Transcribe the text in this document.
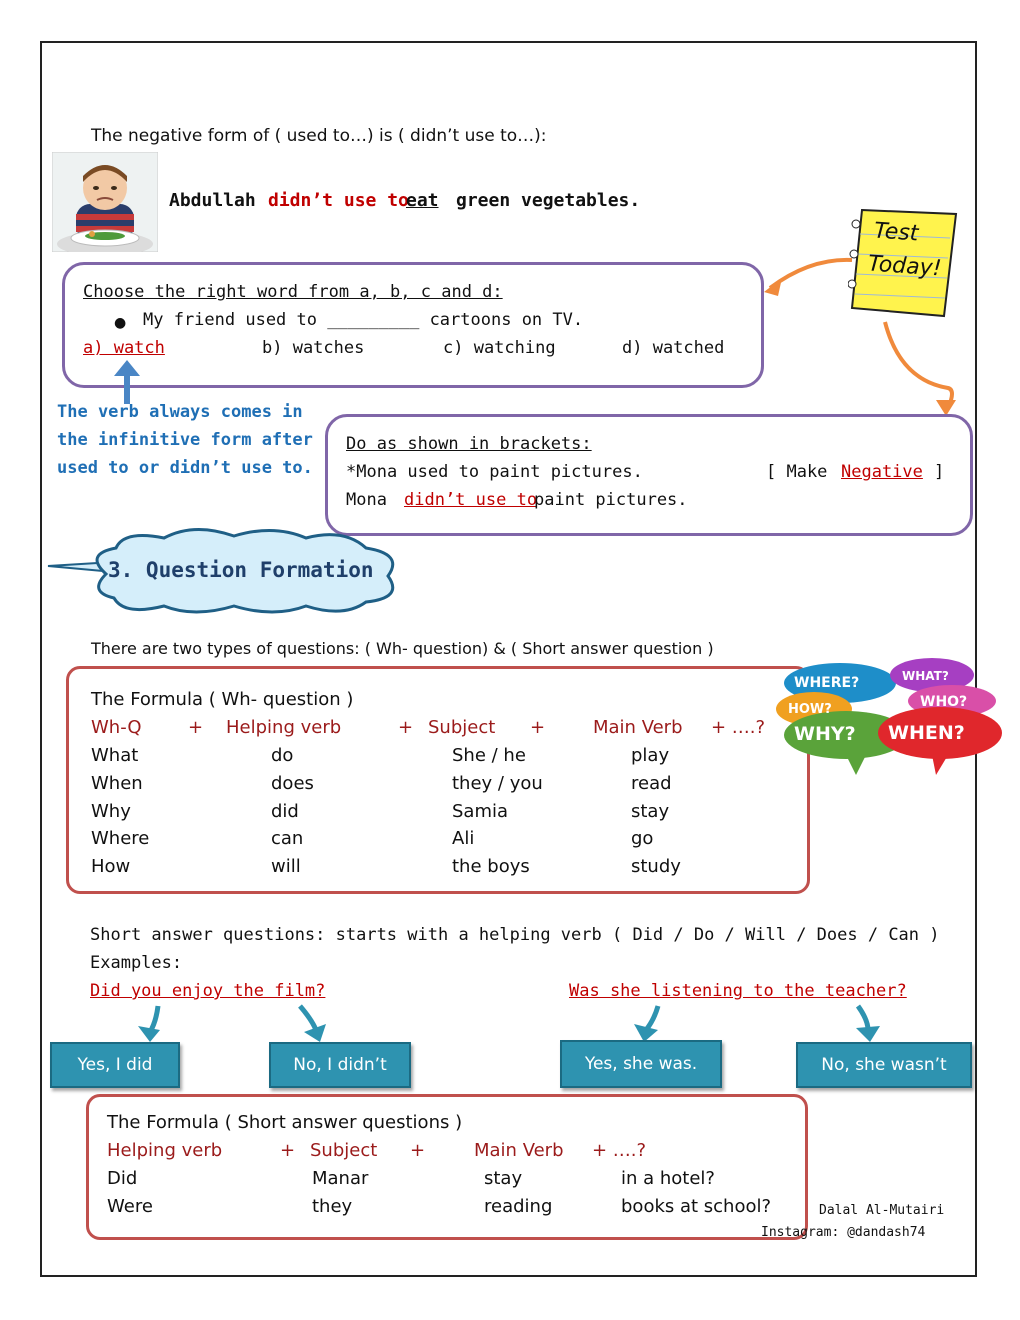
The negative form of ( used to…) is ( didn’t use to…):
Abdullah didn’t use to
eat green vegetables.
Test
Today!
Choose the right word from a, b, c and d:
● My friend used to _________ cartoons on TV.
a) watch	b) watches	c) watching	d) watched
The verb always comes in
the infinitive form after
used to or didn’t use to.
Do as shown in brackets:
*Mona used to paint pictures.	[ Make Negative ]
Mona didn’t use to
paint pictures.
3. Question Formation
There are two types of questions: ( Wh- question) & ( Short answer question )
The Formula ( Wh- question )
Wh-Q	+ Helping verb	+ Subject +	Main Verb + ….?
What	do	She / he	play
When	does	they / you	read
Why	did	Samia	stay
Where	can	Ali	go
How	will	the boys	study
WHERE?	WHAT?
HOW?	WHO?
WHY? WHEN?
Short answer questions: starts with a helping verb ( Did / Do / Will / Does / Can )
Examples:
Did you enjoy the film?	Was she listening to the teacher?
Yes, I did	No, I didn’t	Yes, she was.	No, she wasn’t
The Formula ( Short answer questions )
Helping verb	+ Subject +	Main Verb + ….?
Did	Manar	stay	in a hotel?
Were	they	reading	books at school?	Dalal Al-Mutairi
Instagram: @dandash74
